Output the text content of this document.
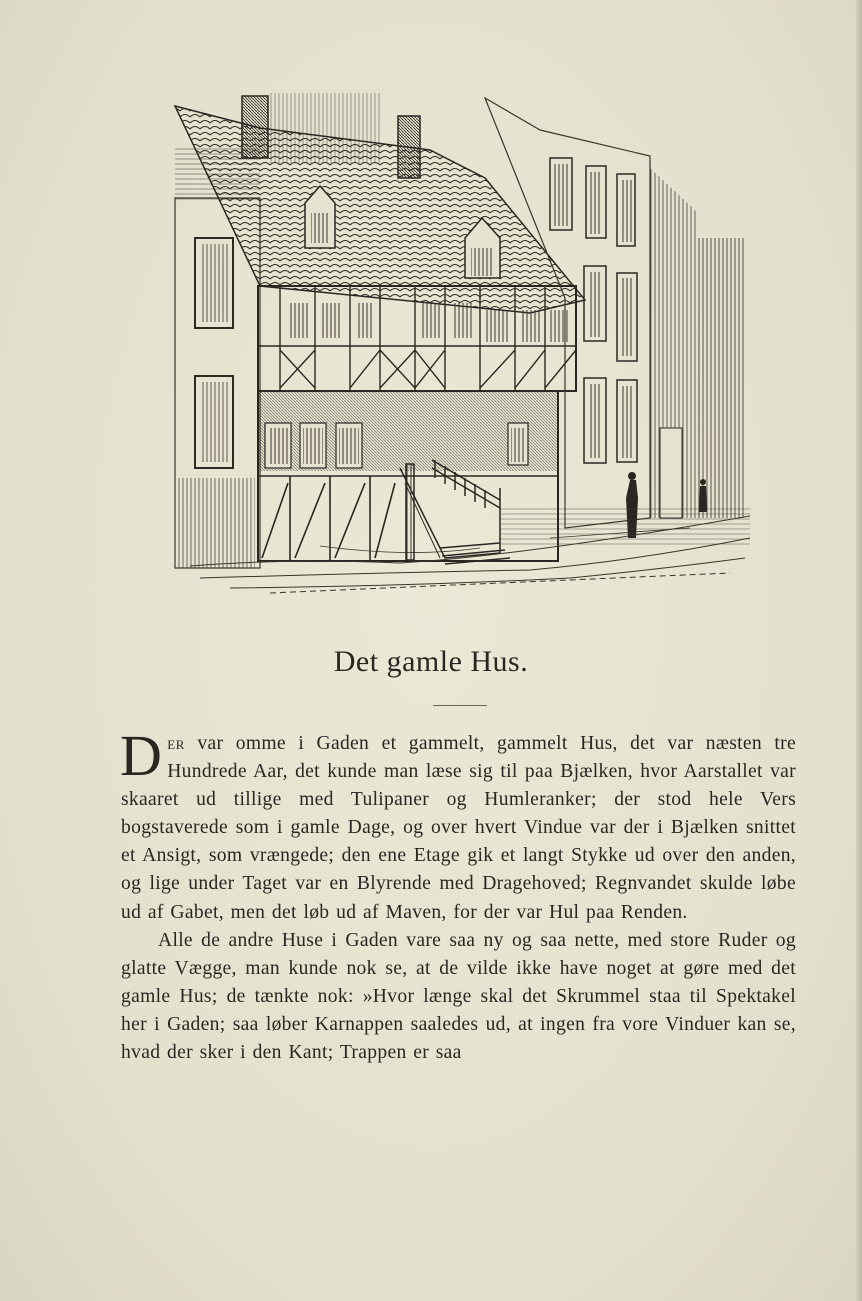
Det gamle Hus.

Der var omme i Gaden et gammelt, gammelt Hus, det var næsten tre Hundrede Aar, det kunde man læse sig til paa Bjælken, hvor Aarstallet var skaaret ud tillige med Tulipaner og Humleranker; der stod hele Vers bogstaverede som i gamle Dage, og over hvert Vindue var der i Bjælken snittet et Ansigt, som vrængede; den ene Etage gik et langt Stykke ud over den anden, og lige under Taget var en Blyrende med Dragehoved; Regnvandet skulde løbe ud af Gabet, men det løb ud af Maven, for der var Hul paa Renden.

Alle de andre Huse i Gaden vare saa ny og saa nette, med store Ruder og glatte Vægge, man kunde nok se, at de vilde ikke have noget at gøre med det gamle Hus; de tænkte nok: »Hvor længe skal det Skrummel staa til Spektakel her i Gaden; saa løber Karnappen saaledes ud, at ingen fra vore Vinduer kan se, hvad der sker i den Kant; Trappen er saa
